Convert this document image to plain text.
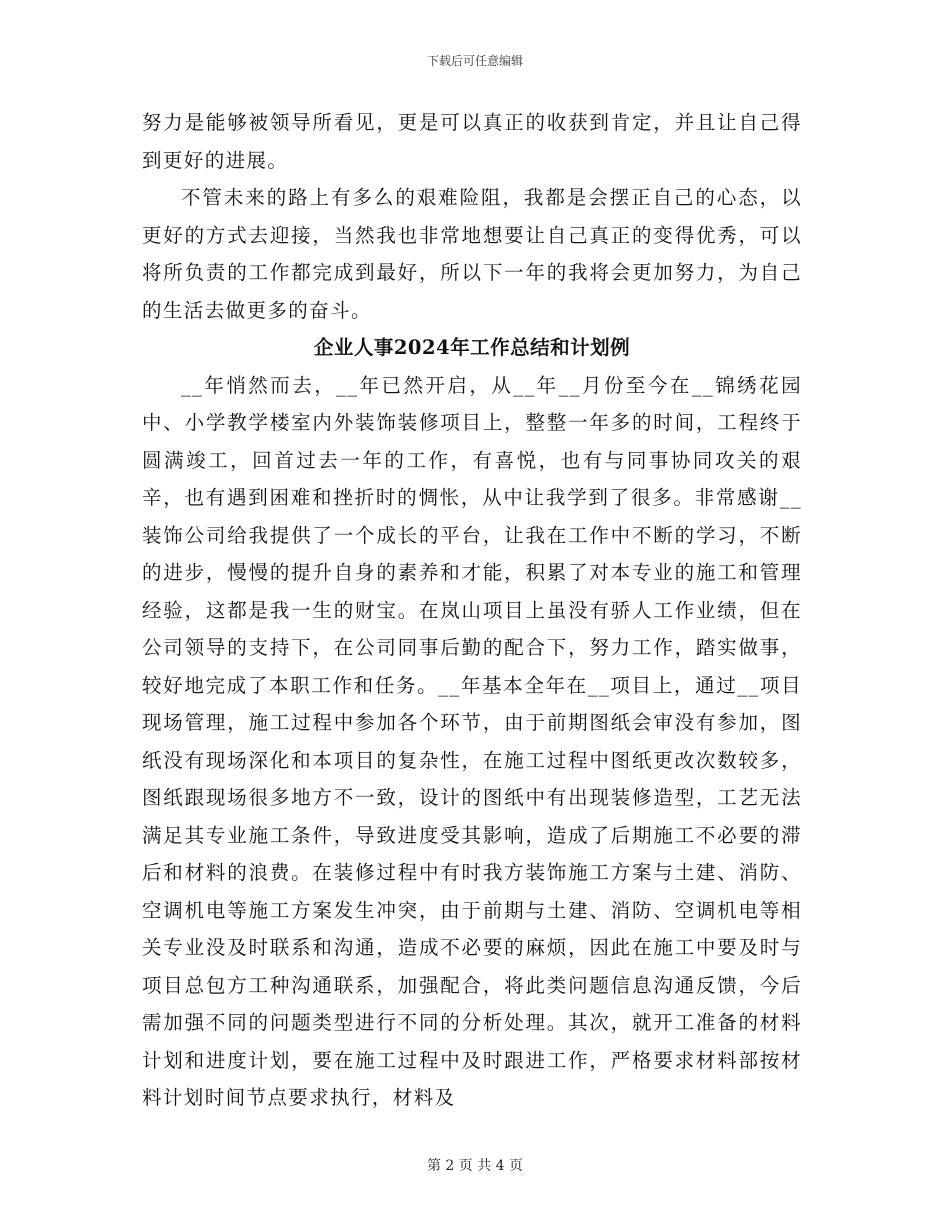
下载后可任意编辑

努力是能够被领导所看见，更是可以真正的收获到肯定，并且让自己得到更好的进展。

不管未来的路上有多么的艰难险阻，我都是会摆正自己的心态，以更好的方式去迎接，当然我也非常地想要让自己真正的变得优秀，可以将所负责的工作都完成到最好，所以下一年的我将会更加努力，为自己的生活去做更多的奋斗。

企业人事2024年工作总结和计划例

__年悄然而去，__年已然开启，从__年__月份至今在__锦绣花园中、小学教学楼室内外装饰装修项目上，整整一年多的时间，工程终于圆满竣工，回首过去一年的工作，有喜悦，也有与同事协同攻关的艰辛，也有遇到困难和挫折时的惆怅，从中让我学到了很多。非常感谢__装饰公司给我提供了一个成长的平台，让我在工作中不断的学习，不断的进步，慢慢的提升自身的素养和才能，积累了对本专业的施工和管理经验，这都是我一生的财宝。在岚山项目上虽没有骄人工作业绩，但在公司领导的支持下，在公司同事后勤的配合下，努力工作，踏实做事，较好地完成了本职工作和任务。__年基本全年在__项目上，通过__项目现场管理，施工过程中参加各个环节，由于前期图纸会审没有参加，图纸没有现场深化和本项目的复杂性，在施工过程中图纸更改次数较多，图纸跟现场很多地方不一致，设计的图纸中有出现装修造型，工艺无法满足其专业施工条件，导致进度受其影响，造成了后期施工不必要的滞后和材料的浪费。在装修过程中有时我方装饰施工方案与土建、消防、空调机电等施工方案发生冲突，由于前期与土建、消防、空调机电等相关专业没及时联系和沟通，造成不必要的麻烦，因此在施工中要及时与项目总包方工种沟通联系，加强配合，将此类问题信息沟通反馈，今后需加强不同的问题类型进行不同的分析处理。其次，就开工准备的材料计划和进度计划，要在施工过程中及时跟进工作，严格要求材料部按材料计划时间节点要求执行，材料及

第 2 页 共 4 页
